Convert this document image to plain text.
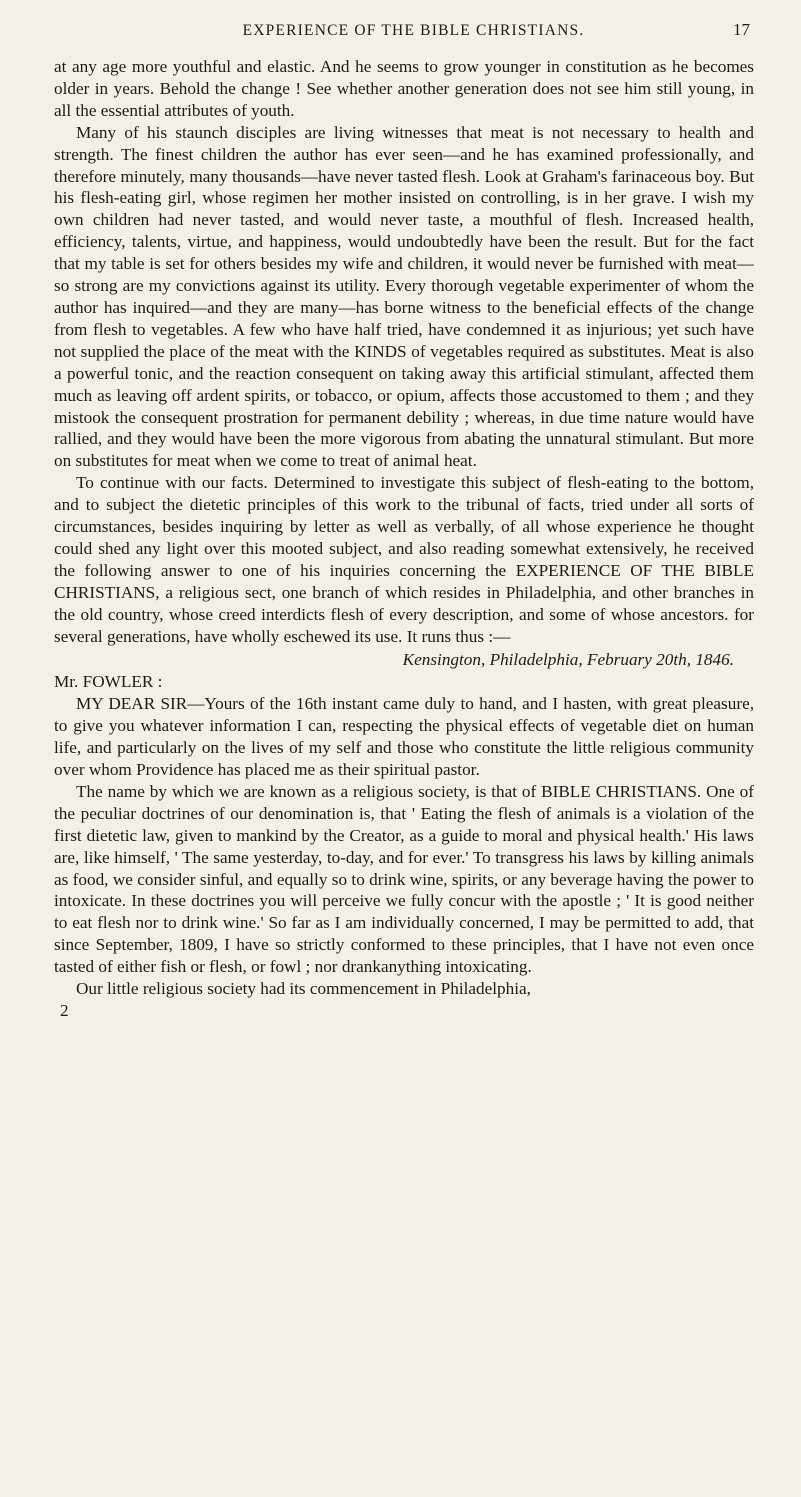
EXPERIENCE OF THE BIBLE CHRISTIANS.	17

at any age more youthful and elastic. And he seems to grow younger in constitution as he becomes older in years. Behold the change ! See whether another generation does not see him still young, in all the essential attributes of youth.

Many of his staunch disciples are living witnesses that meat is not necessary to health and strength. The finest children the author has ever seen—and he has examined professionally, and therefore minutely, many thousands—have never tasted flesh. Look at Graham's farinaceous boy. But his flesh-eating girl, whose regimen her mother insisted on controlling, is in her grave. I wish my own children had never tasted, and would never taste, a mouthful of flesh. Increased health, efficiency, talents, virtue, and happiness, would undoubtedly have been the result. But for the fact that my table is set for others besides my wife and children, it would never be furnished with meat—so strong are my convictions against its utility. Every thorough vegetable experimenter of whom the author has inquired—and they are many—has borne witness to the beneficial effects of the change from flesh to vegetables. A few who have half tried, have condemned it as injurious; yet such have not supplied the place of the meat with the KINDS of vegetables required as substitutes. Meat is also a powerful tonic, and the reaction consequent on taking away this artificial stimulant, affected them much as leaving off ardent spirits, or tobacco, or opium, affects those accustomed to them ; and they mistook the consequent prostration for permanent debility ; whereas, in due time nature would have rallied, and they would have been the more vigorous from abating the unnatural stimulant. But more on substitutes for meat when we come to treat of animal heat.

To continue with our facts. Determined to investigate this subject of flesh-eating to the bottom, and to subject the dietetic principles of this work to the tribunal of facts, tried under all sorts of circumstances, besides inquiring by letter as well as verbally, of all whose experience he thought could shed any light over this mooted subject, and also reading somewhat extensively, he received the following answer to one of his inquiries concerning the EXPERIENCE OF THE BIBLE CHRISTIANS, a religious sect, one branch of which resides in Philadelphia, and other branches in the old country, whose creed interdicts flesh of every description, and some of whose ancestors. for several generations, have wholly eschewed its use. It runs thus :—

Kensington, Philadelphia, February 20th, 1846.
Mr. FOWLER :

MY DEAR SIR—Yours of the 16th instant came duly to hand, and I hasten, with great pleasure, to give you whatever information I can, respecting the physical effects of vegetable diet on human life, and particularly on the lives of my self and those who constitute the little religious community over whom Providence has placed me as their spiritual pastor.

The name by which we are known as a religious society, is that of BIBLE CHRISTIANS. One of the peculiar doctrines of our denomination is, that ' Eating the flesh of animals is a violation of the first dietetic law, given to mankind by the Creator, as a guide to moral and physical health.' His laws are, like himself, ' The same yesterday, to-day, and for ever.' To transgress his laws by killing animals as food, we consider sinful, and equally so to drink wine, spirits, or any beverage having the power to intoxicate. In these doctrines you will perceive we fully concur with the apostle ; ' It is good neither to eat flesh nor to drink wine.' So far as I am individually concerned, I may be permitted to add, that since September, 1809, I have so strictly conformed to these principles, that I have not even once tasted of either fish or flesh, or fowl ; nor drankanything intoxicating.

Our little religious society had its commencement in Philadelphia,

2
